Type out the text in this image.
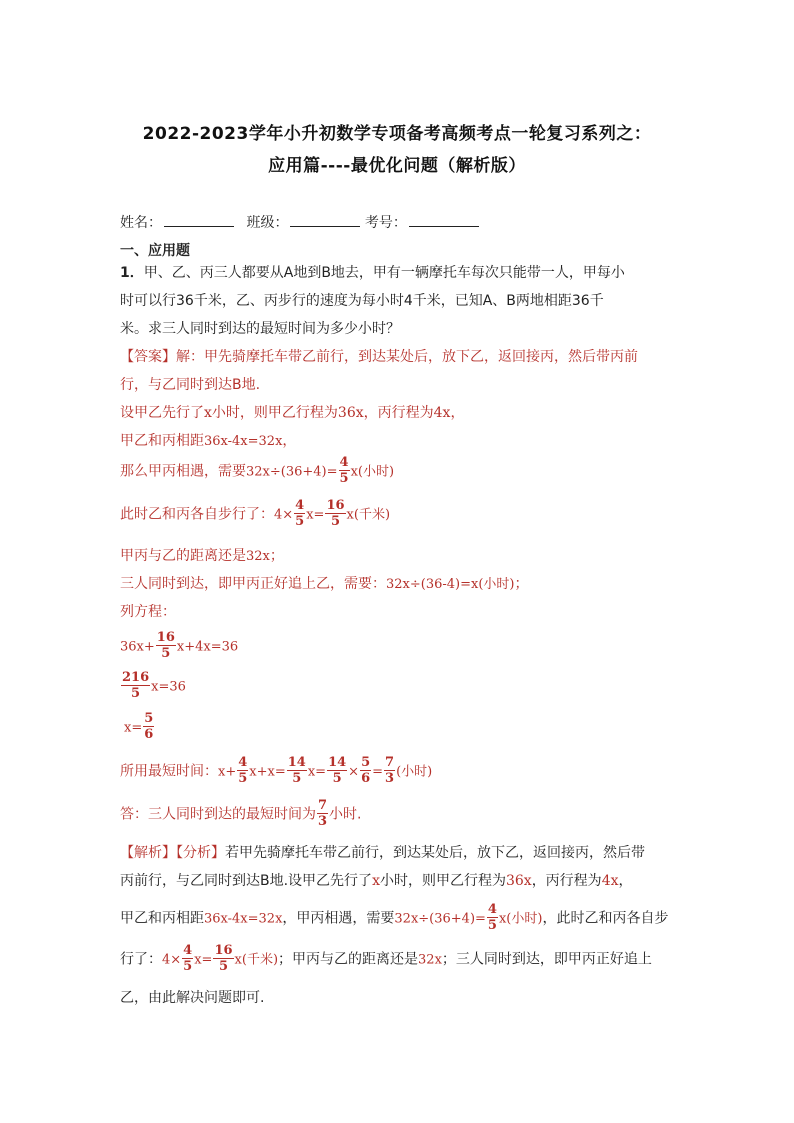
2022-2023学年小升初数学专项备考高频考点一轮复习系列之：
应用篇----最优化问题（解析版）
姓名：	班级：	考号：
一、应用题
1．甲、乙、丙三人都要从A地到B地去，甲有一辆摩托车每次只能带一人，甲每小
时可以行36千米，乙、丙步行的速度为每小时4千米，已知A、B两地相距36千
米。求三人同时到达的最短时间为多少小时？
【答案】解：甲先骑摩托车带乙前行，到达某处后，放下乙，返回接丙，然后带丙前
行，与乙同时到达B地.
设甲乙先行了x小时，则甲乙行程为36x，丙行程为4x，
甲乙和丙相距36x-4x=32x，
那么甲丙相遇，需要$32x\div(36+4)= \frac{4}{5} x$(小时)
此时乙和丙各自步行了：$4\times \frac{4}{5} x= \frac{16}{5} x$(千米)
甲丙与乙的距离还是32x；
三人同时到达，即甲丙正好追上乙，需要：32x÷(36-4)=x(小时)；
列方程：
$36x+ \frac{16}{5} x+4x=36$
$\frac{216}{5} x=36$
$x= \frac{5}{6}$
所用最短时间：$x+ \frac{4}{5} x+x= \frac{14}{5} x= \frac{14}{5} \times \frac{5}{6} = \frac{7}{3}$ (小时)
答：三人同时到达的最短时间为 $\frac{7}{3}$ 小时.
【解析】【分析】若甲先骑摩托车带乙前行，到达某处后，放下乙，返回接丙，然后带
丙前行，与乙同时到达B地.设甲乙先行了x小时，则甲乙行程为36x，丙行程为4x，
甲乙和丙相距36x-4x=32x，甲丙相遇，需要$32x\div(36+4)= \frac{4}{5} x$(小时)，此时乙和丙各自步
行了：$4\times \frac{4}{5} x= \frac{16}{5} x$(千米)；甲丙与乙的距离还是32x；三人同时到达，即甲丙正好追上
乙，由此解决问题即可.
